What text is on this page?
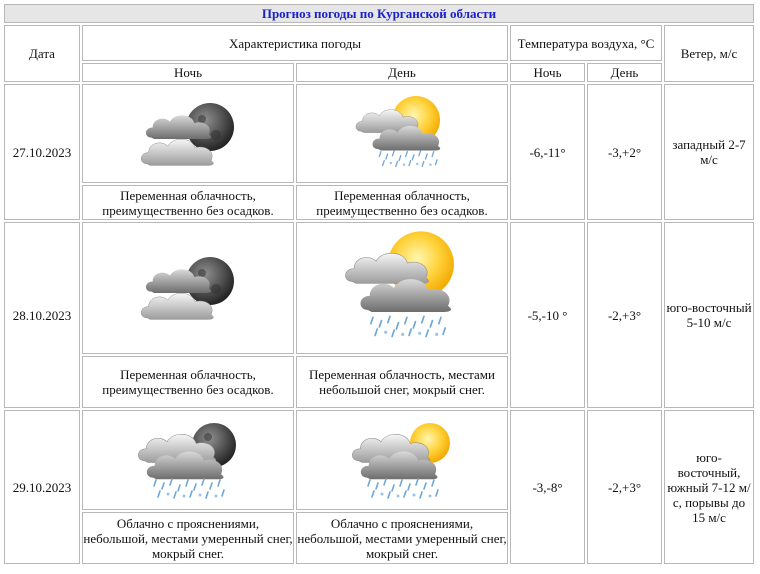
Прогноз погоды по Курганской области					
Дата	Характеристика погоды		Температура воздуха, °С		Ветер, м/с
	Ночь	День	Ночь	День	
27.10.2023			-6,-11°	-3,+2°	западный 2-7 м/с
	Переменная облачность, преимущественно без осадков.	Переменная облачность, преимущественно без осадков.			
28.10.2023			-5,-10 °	-2,+3°	юго-восточный 5-10 м/с
	Переменная облачность, преимущественно без осадков.	Переменная облачность, местами небольшой снег, мокрый снег.			
29.10.2023			-3,-8°	-2,+3°	юго-восточный, южный 7-12 м/с, порывы до 15 м/с
	Облачно с прояснениями, небольшой, местами умеренный снег, мокрый снег.	Облачно с прояснениями, небольшой, местами умеренный снег, мокрый снег.			
